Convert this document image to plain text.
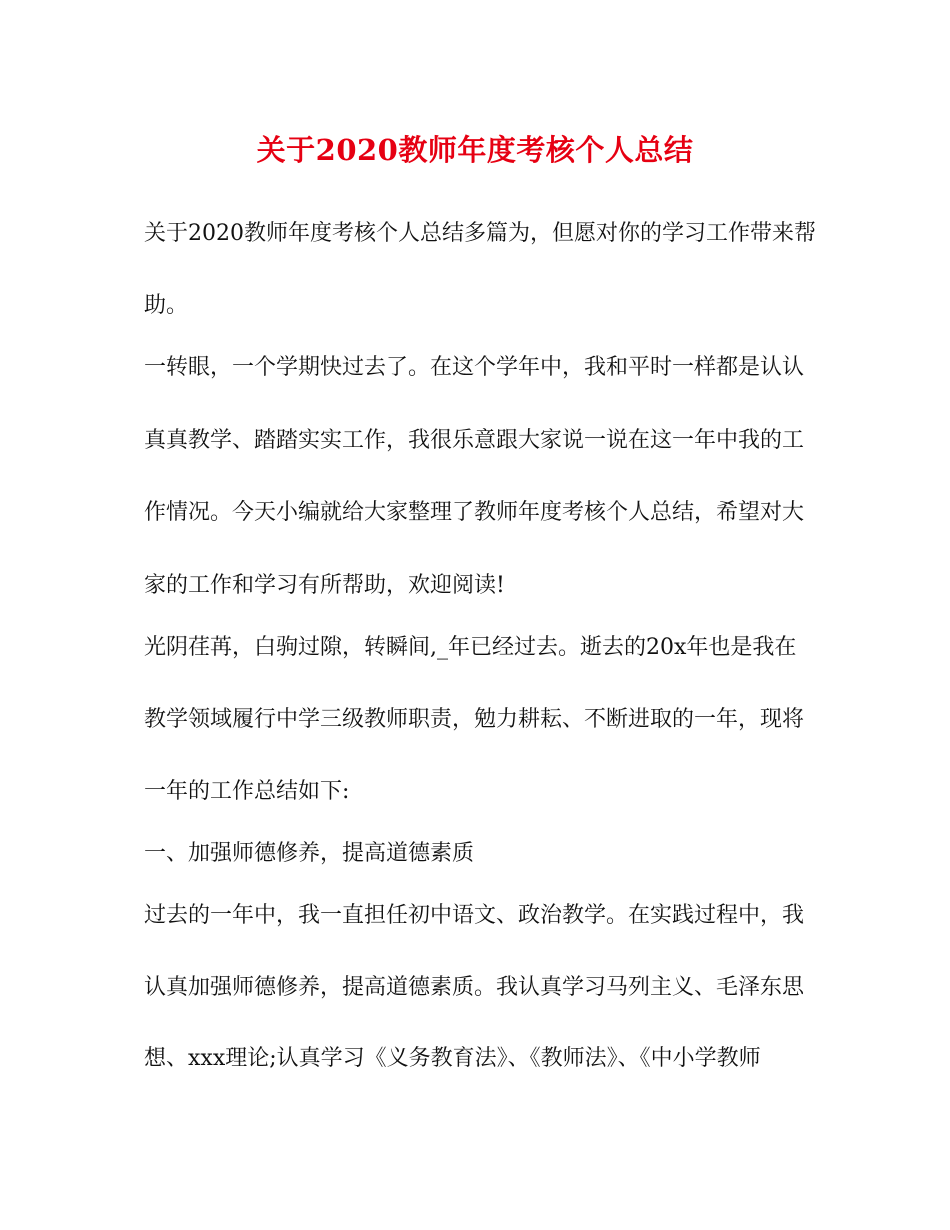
关于2020教师年度考核个人总结
关于2020教师年度考核个人总结多篇为，但愿对你的学习工作带来帮
助。
一转眼，一个学期快过去了。在这个学年中，我和平时一样都是认认
真真教学、踏踏实实工作，我很乐意跟大家说一说在这一年中我的工
作情况。今天小编就给大家整理了教师年度考核个人总结，希望对大
家的工作和学习有所帮助，欢迎阅读!
光阴荏苒，白驹过隙，转瞬间,_年已经过去。逝去的20x年也是我在
教学领域履行中学三级教师职责，勉力耕耘、不断进取的一年，现将
一年的工作总结如下:
一、加强师德修养，提高道德素质
过去的一年中，我一直担任初中语文、政治教学。在实践过程中，我
认真加强师德修养，提高道德素质。我认真学习马列主义、毛泽东思
想、xxx理论;认真学习《义务教育法》、《教师法》、《中小学教师
